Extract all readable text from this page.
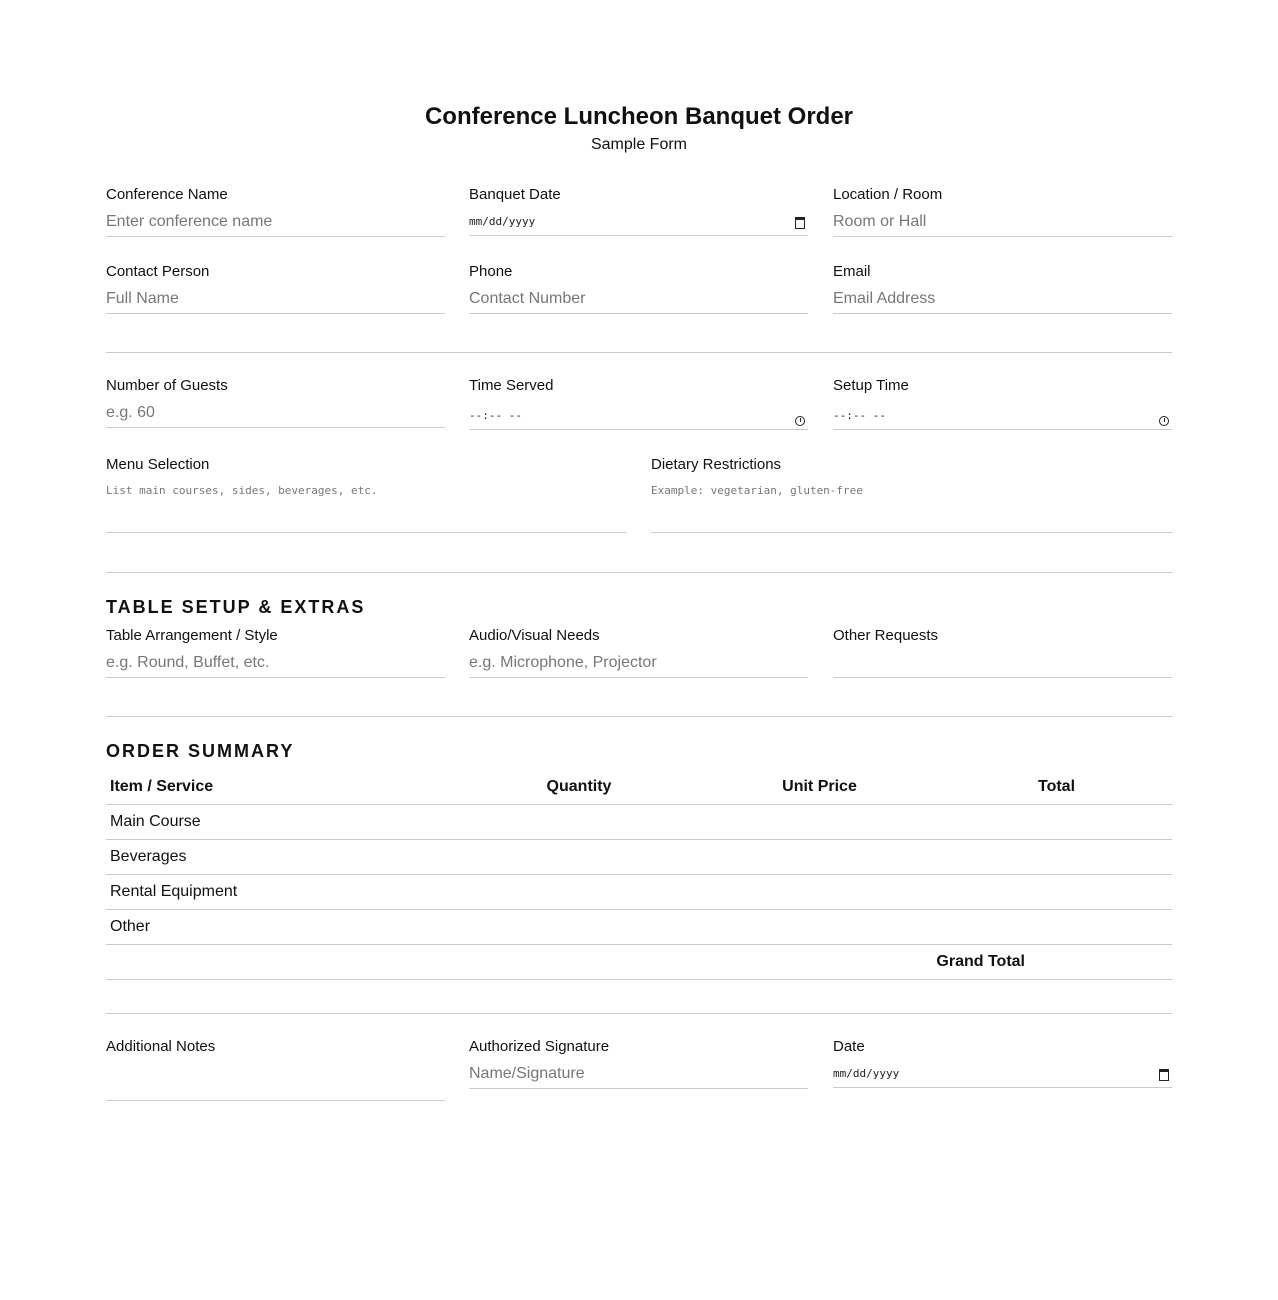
Conference Luncheon Banquet Order
Sample Form
Conference Name
Enter conference name
Banquet Date
mm/dd/yyyy
Location / Room
Room or Hall
Contact Person
Full Name
Phone
Contact Number
Email
Email Address
Number of Guests
e.g. 60
Time Served
--:-- --
Setup Time
--:-- --
Menu Selection
List main courses, sides, beverages, etc.
Dietary Restrictions
Example: vegetarian, gluten-free
TABLE SETUP & EXTRAS
Table Arrangement / Style
e.g. Round, Buffet, etc.
Audio/Visual Needs
e.g. Microphone, Projector
Other Requests
ORDER SUMMARY
Item / Service	Quantity	Unit Price	Total
Main Course			
Beverages			
Rental Equipment			
Other			
Grand Total			
Additional Notes	Authorized Signature
Name/Signature
Date
mm/dd/yyyy
